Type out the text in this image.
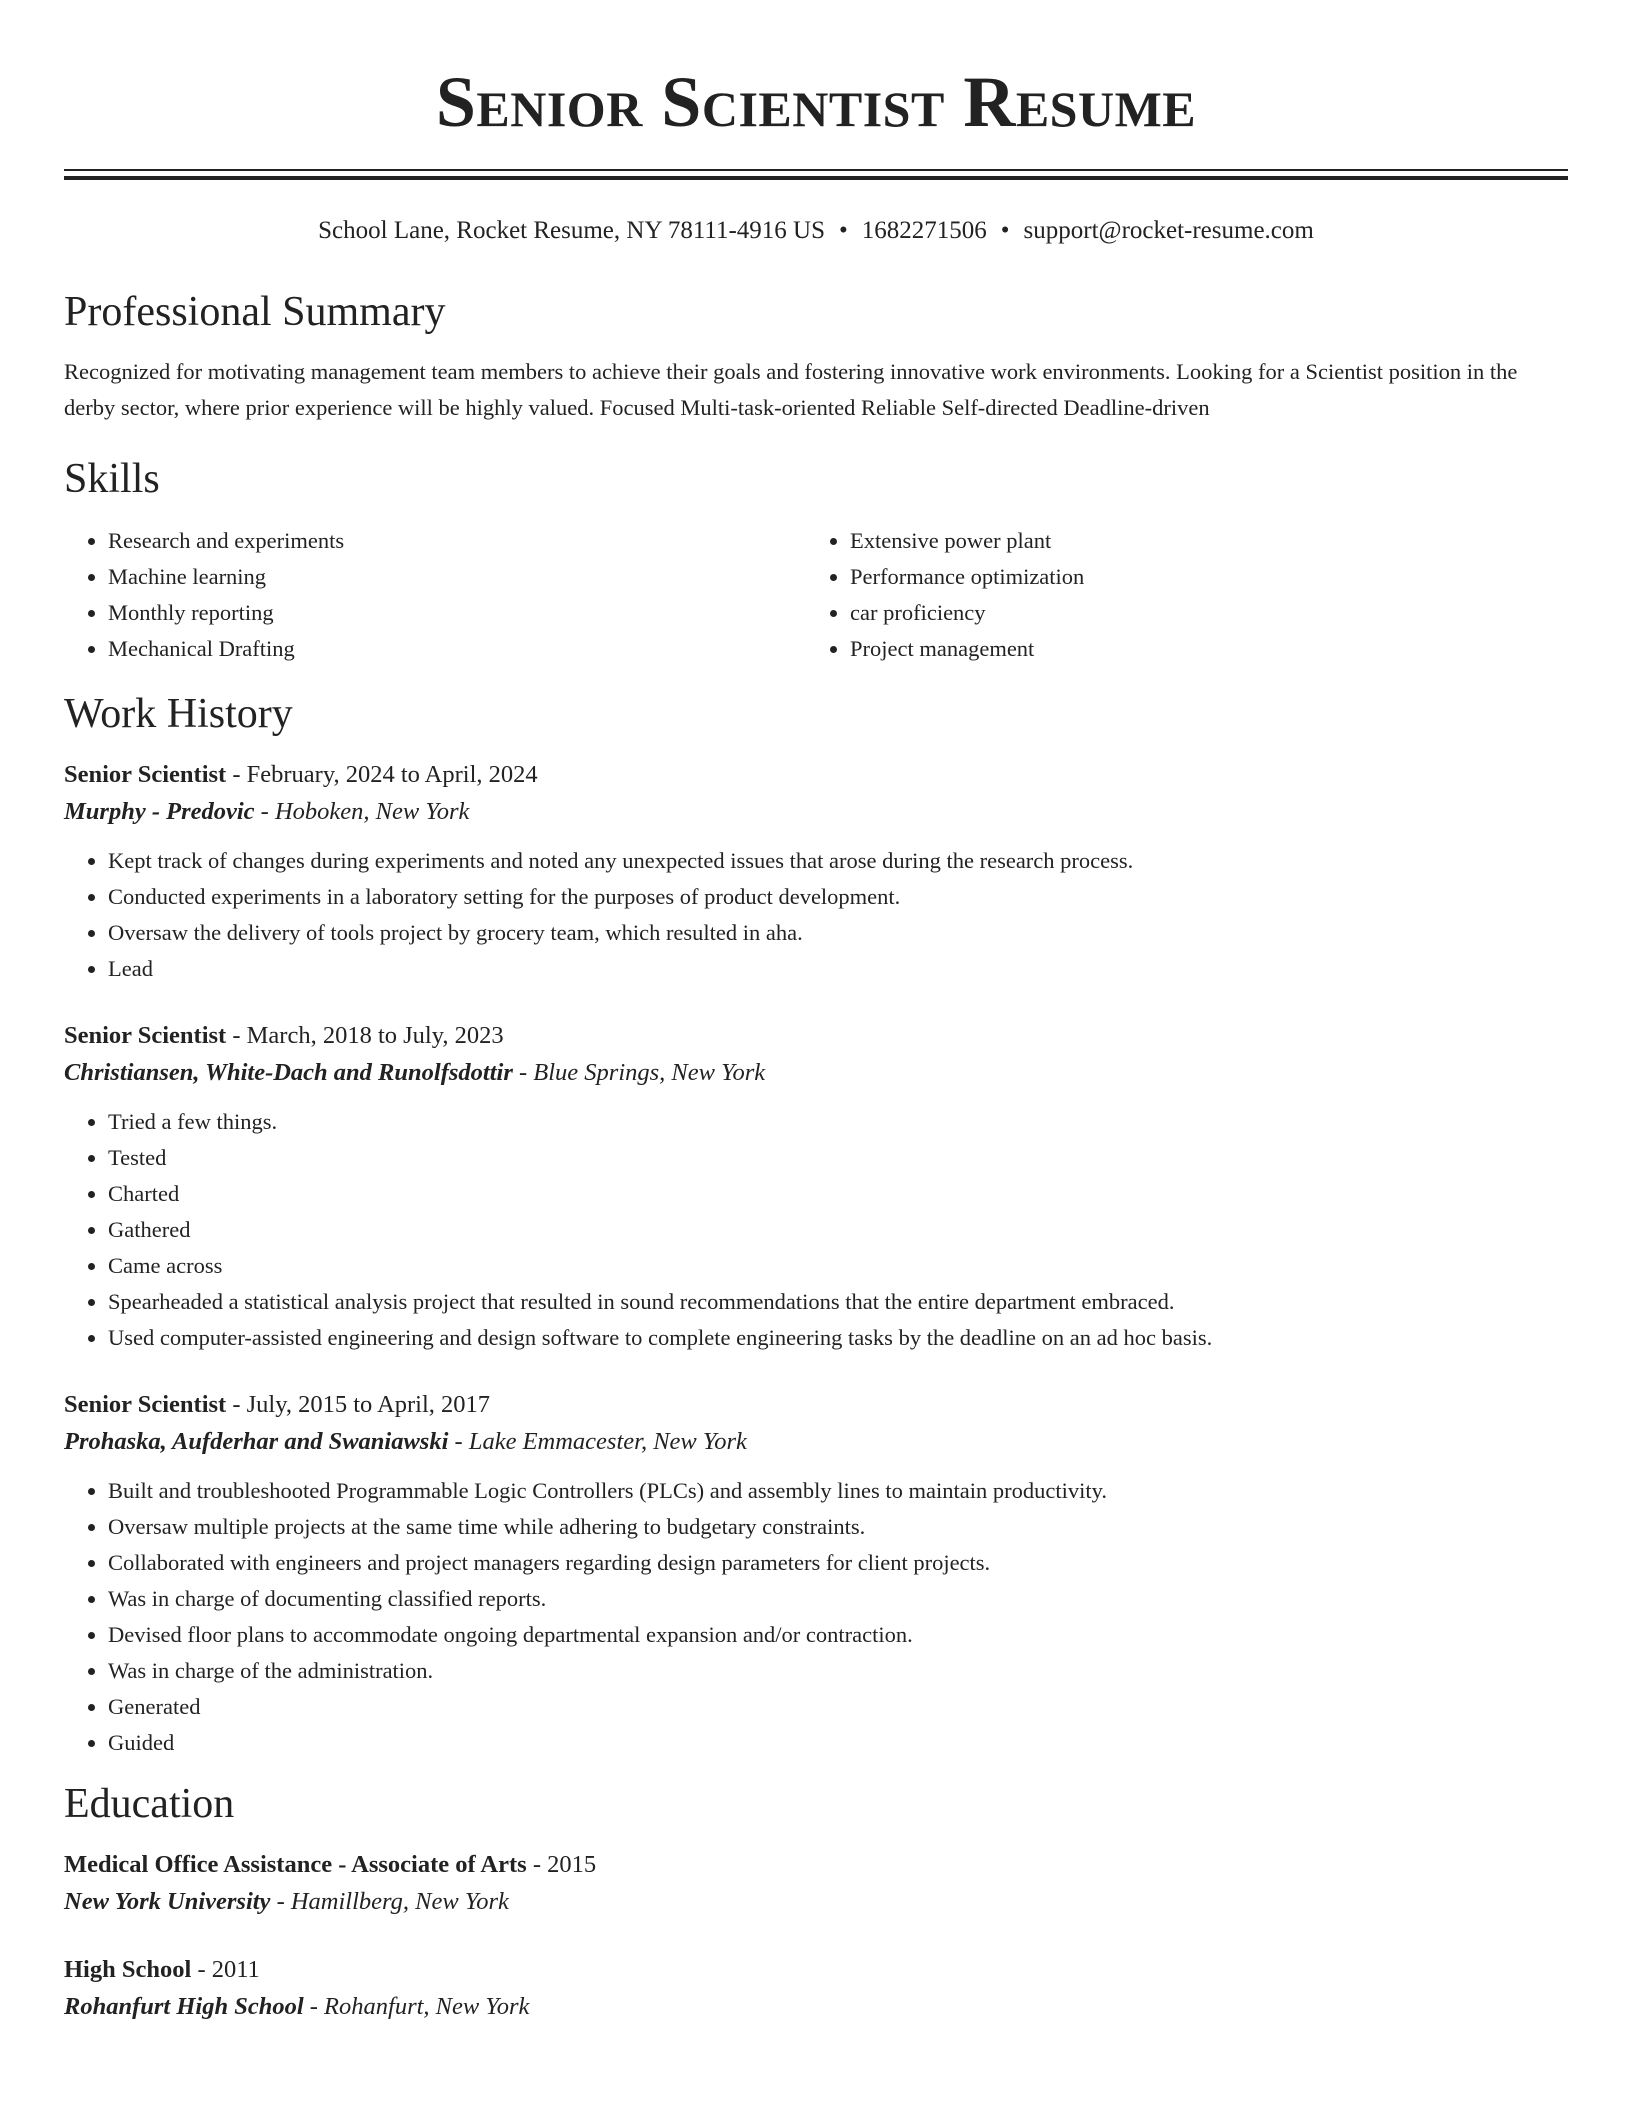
Senior Scientist Resume
School Lane, Rocket Resume, NY 78111-4916 US • 1682271506 • support@rocket-resume.com
Professional Summary
Recognized for motivating management team members to achieve their goals and fostering innovative work environments. Looking for a Scientist position in the derby sector, where prior experience will be highly valued. Focused Multi-task-oriented Reliable Self-directed Deadline-driven
Skills
• Research and experiments
• Machine learning
• Monthly reporting
• Mechanical Drafting
• Extensive power plant
• Performance optimization
• car proficiency
• Project management
Work History
Senior Scientist - February, 2024 to April, 2024
Murphy - Predovic - Hoboken, New York
• Kept track of changes during experiments and noted any unexpected issues that arose during the research process.
• Conducted experiments in a laboratory setting for the purposes of product development.
• Oversaw the delivery of tools project by grocery team, which resulted in aha.
• Lead
Senior Scientist - March, 2018 to July, 2023
Christiansen, White-Dach and Runolfsdottir - Blue Springs, New York
• Tried a few things.
• Tested
• Charted
• Gathered
• Came across
• Spearheaded a statistical analysis project that resulted in sound recommendations that the entire department embraced.
• Used computer-assisted engineering and design software to complete engineering tasks by the deadline on an ad hoc basis.
Senior Scientist - July, 2015 to April, 2017
Prohaska, Aufderhar and Swaniawski - Lake Emmacester, New York
• Built and troubleshooted Programmable Logic Controllers (PLCs) and assembly lines to maintain productivity.
• Oversaw multiple projects at the same time while adhering to budgetary constraints.
• Collaborated with engineers and project managers regarding design parameters for client projects.
• Was in charge of documenting classified reports.
• Devised floor plans to accommodate ongoing departmental expansion and/or contraction.
• Was in charge of the administration.
• Generated
• Guided
Education
Medical Office Assistance - Associate of Arts - 2015
New York University - Hamillberg, New York
High School - 2011
Rohanfurt High School - Rohanfurt, New York
